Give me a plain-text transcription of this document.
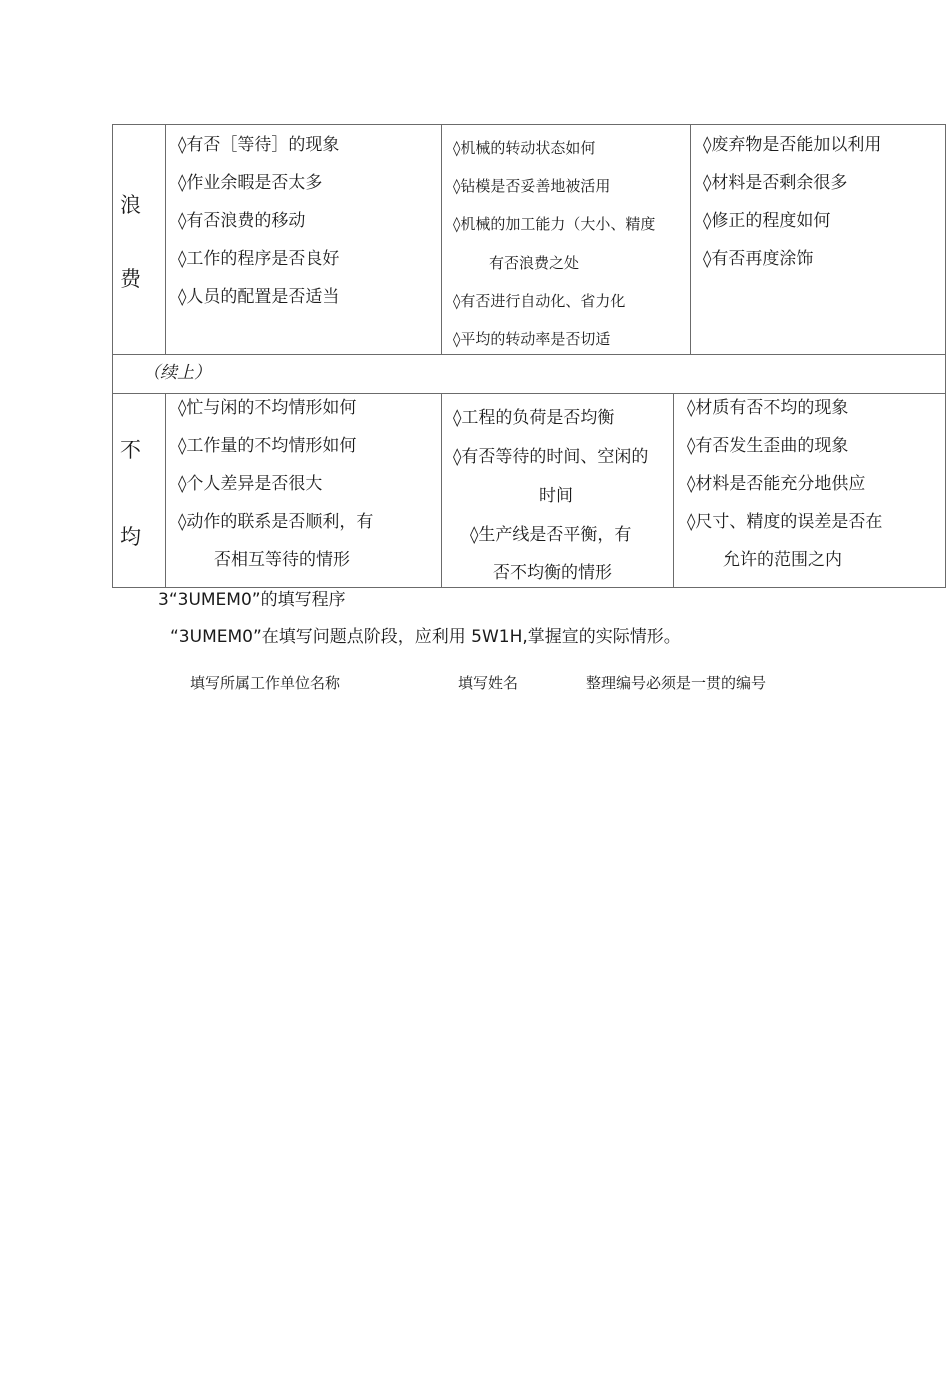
浪
费
◊有否［等待］的现象
◊作业余暇是否太多
◊有否浪费的移动
◊工作的程序是否良好
◊人员的配置是否适当
◊机械的转动状态如何
◊钻模是否妥善地被活用
◊机械的加工能力（大小、精度
有否浪费之处
◊有否进行自动化、省力化
◊平均的转动率是否切适
◊废弃物是否能加以利用
◊材料是否剩余很多
◊修正的程度如何
◊有否再度涂饰
（续上）
不
均
◊忙与闲的不均情形如何
◊工作量的不均情形如何
◊个人差异是否很大
◊动作的联系是否顺利，有
否相互等待的情形
◊工程的负荷是否均衡
◊有否等待的时间、空闲的
时间
◊生产线是否平衡，有
否不均衡的情形
◊材质有否不均的现象
◊有否发生歪曲的现象
◊材料是否能充分地供应
◊尺寸、精度的误差是否在
允许的范围之内
3“3UMEM0”的填写程序
“3UMEM0”在填写问题点阶段，应利用 5W1H,掌握宣的实际情形。
填写所属工作单位名称	填写姓名	整理编号必须是一贯的编号
